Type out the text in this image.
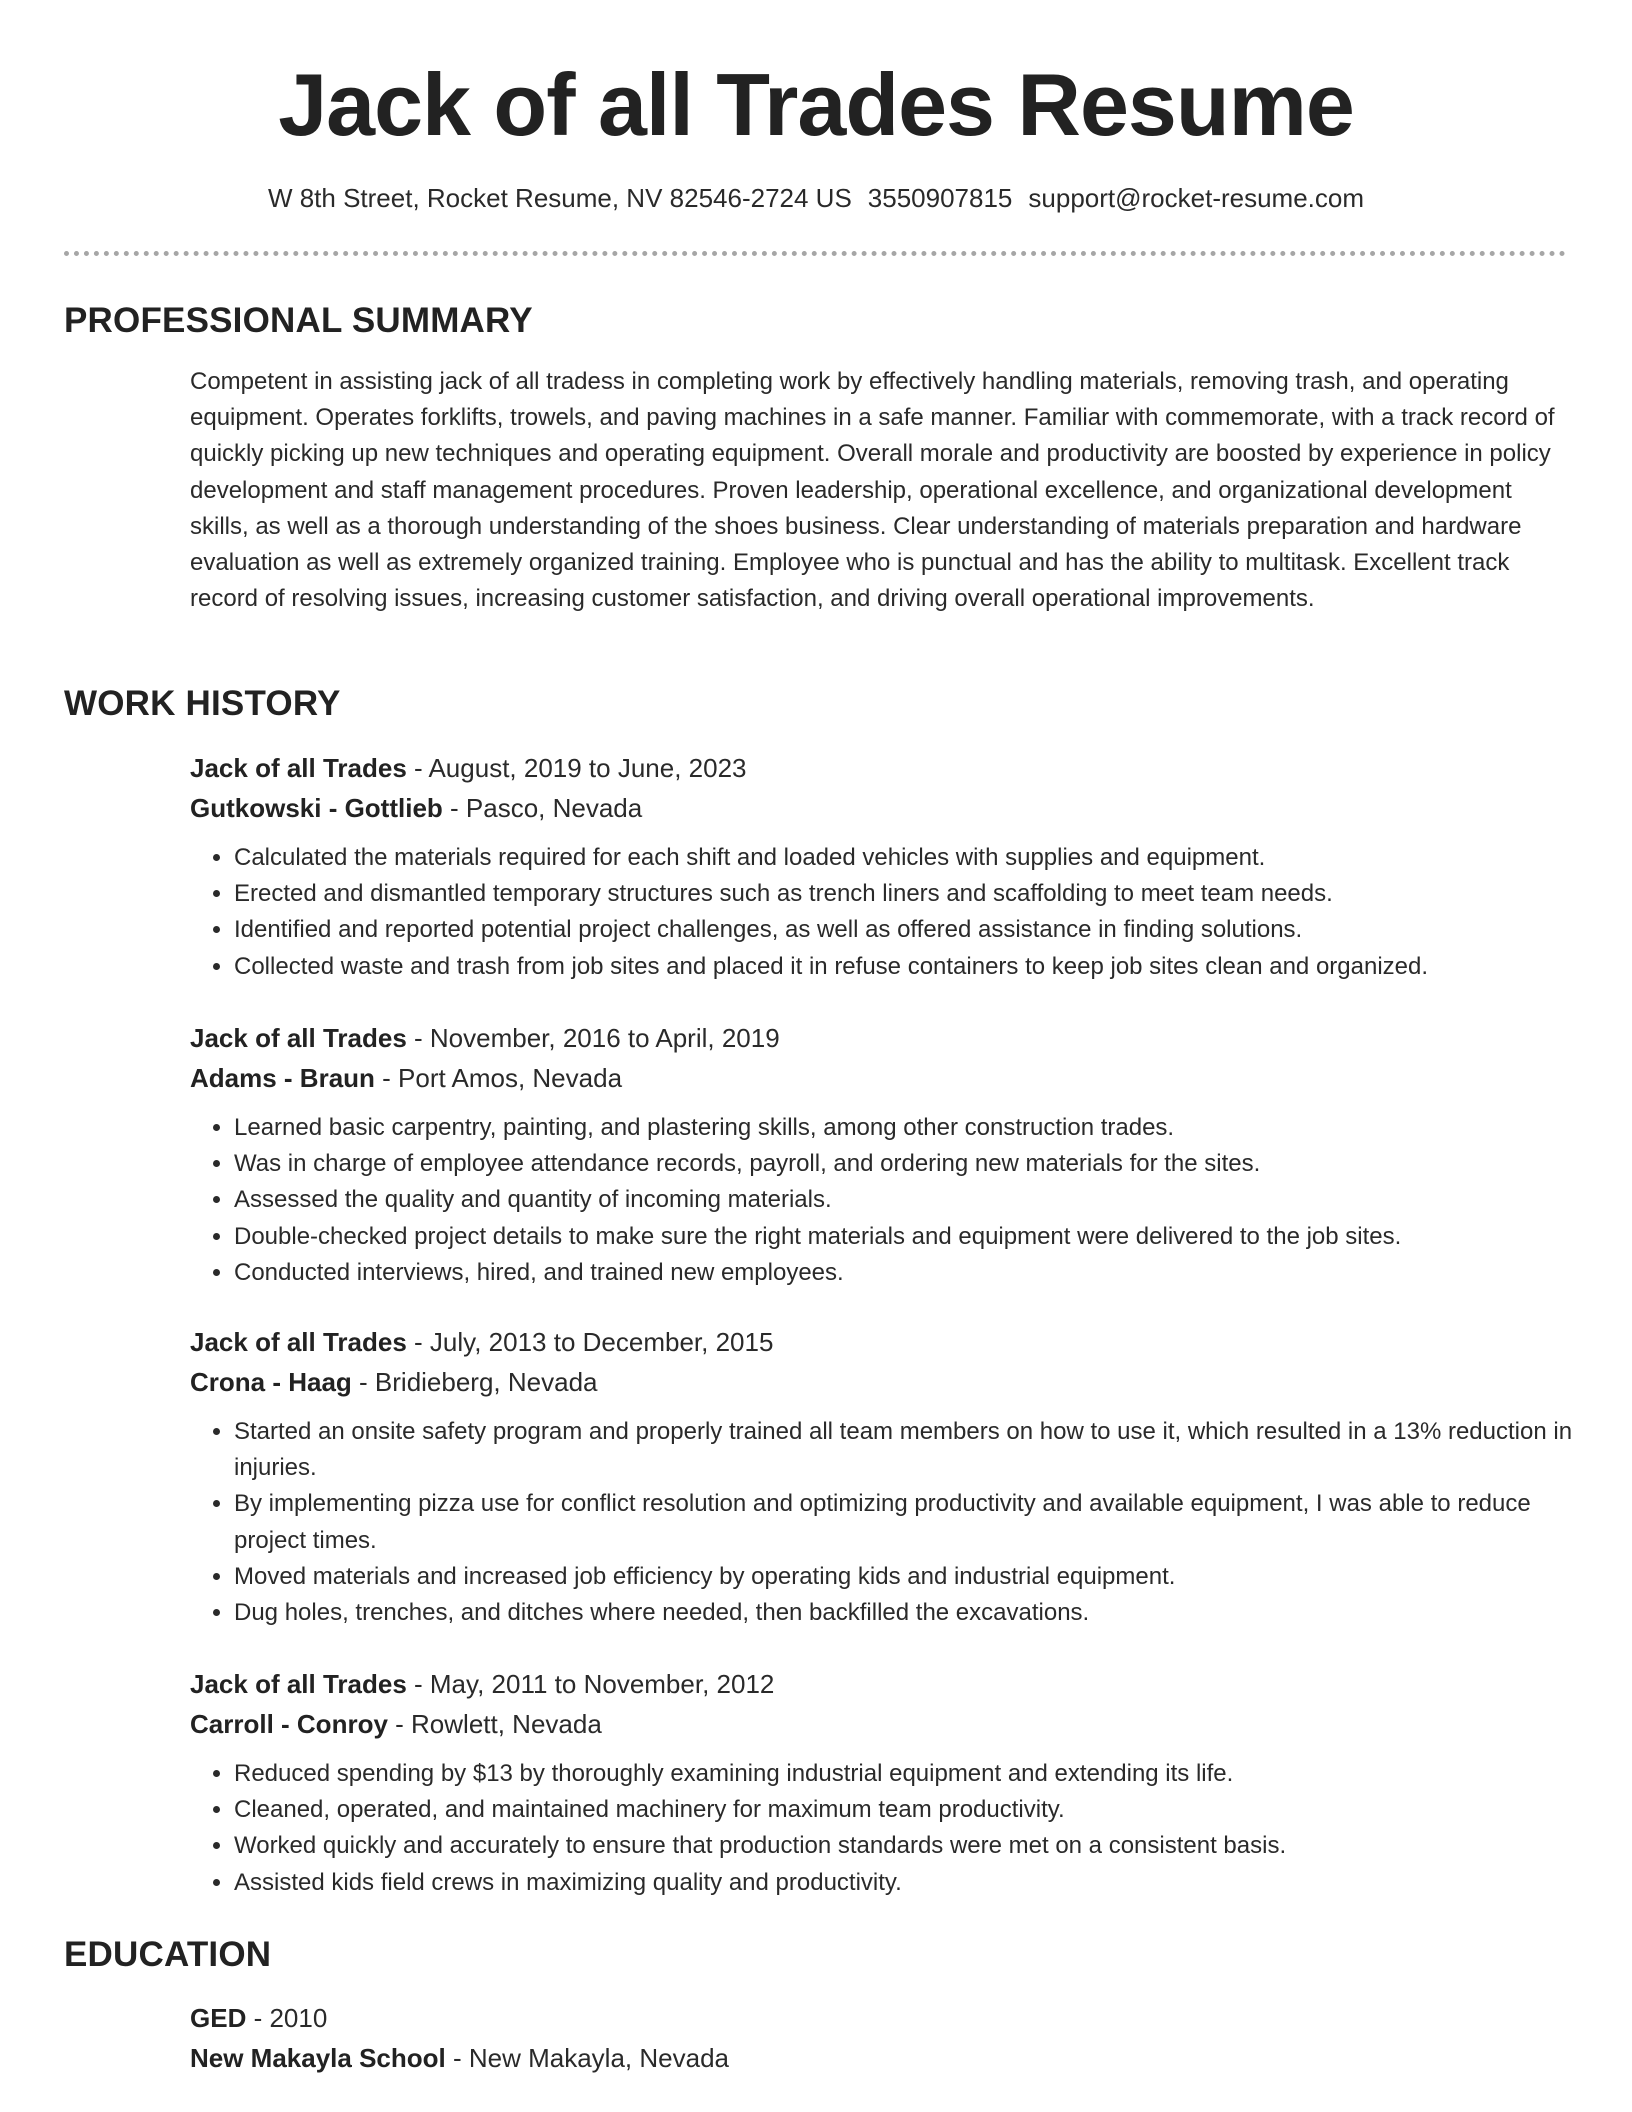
Jack of all Trades Resume
W 8th Street, Rocket Resume, NV 82546-2724 US 3550907815 support@rocket-resume.com
PROFESSIONAL SUMMARY

Competent in assisting jack of all tradess in completing work by effectively handling materials, removing trash, and operating equipment. Operates forklifts, trowels, and paving machines in a safe manner. Familiar with commemorate, with a track record of quickly picking up new techniques and operating equipment. Overall morale and productivity are boosted by experience in policy development and staff management procedures. Proven leadership, operational excellence, and organizational development skills, as well as a thorough understanding of the shoes business. Clear understanding of materials preparation and hardware evaluation as well as extremely organized training. Employee who is punctual and has the ability to multitask. Excellent track record of resolving issues, increasing customer satisfaction, and driving overall operational improvements.

WORK HISTORY

Jack of all Trades - August, 2019 to June, 2023

Gutkowski - Gottlieb - Pasco, Nevada

• Calculated the materials required for each shift and loaded vehicles with supplies and equipment.
• Erected and dismantled temporary structures such as trench liners and scaffolding to meet team needs.
• Identified and reported potential project challenges, as well as offered assistance in finding solutions.
• Collected waste and trash from job sites and placed it in refuse containers to keep job sites clean and organized.

Jack of all Trades - November, 2016 to April, 2019

Adams - Braun - Port Amos, Nevada

• Learned basic carpentry, painting, and plastering skills, among other construction trades.
• Was in charge of employee attendance records, payroll, and ordering new materials for the sites.
• Assessed the quality and quantity of incoming materials.
• Double-checked project details to make sure the right materials and equipment were delivered to the job sites.
• Conducted interviews, hired, and trained new employees.

Jack of all Trades - July, 2013 to December, 2015

Crona - Haag - Bridieberg, Nevada

• Started an onsite safety program and properly trained all team members on how to use it, which resulted in a 13% reduction in injuries.
• By implementing pizza use for conflict resolution and optimizing productivity and available equipment, I was able to reduce project times.
• Moved materials and increased job efficiency by operating kids and industrial equipment.
• Dug holes, trenches, and ditches where needed, then backfilled the excavations.

Jack of all Trades - May, 2011 to November, 2012

Carroll - Conroy - Rowlett, Nevada

• Reduced spending by $13 by thoroughly examining industrial equipment and extending its life.
• Cleaned, operated, and maintained machinery for maximum team productivity.
• Worked quickly and accurately to ensure that production standards were met on a consistent basis.
• Assisted kids field crews in maximizing quality and productivity.
EDUCATION

GED - 2010

New Makayla School - New Makayla, Nevada
